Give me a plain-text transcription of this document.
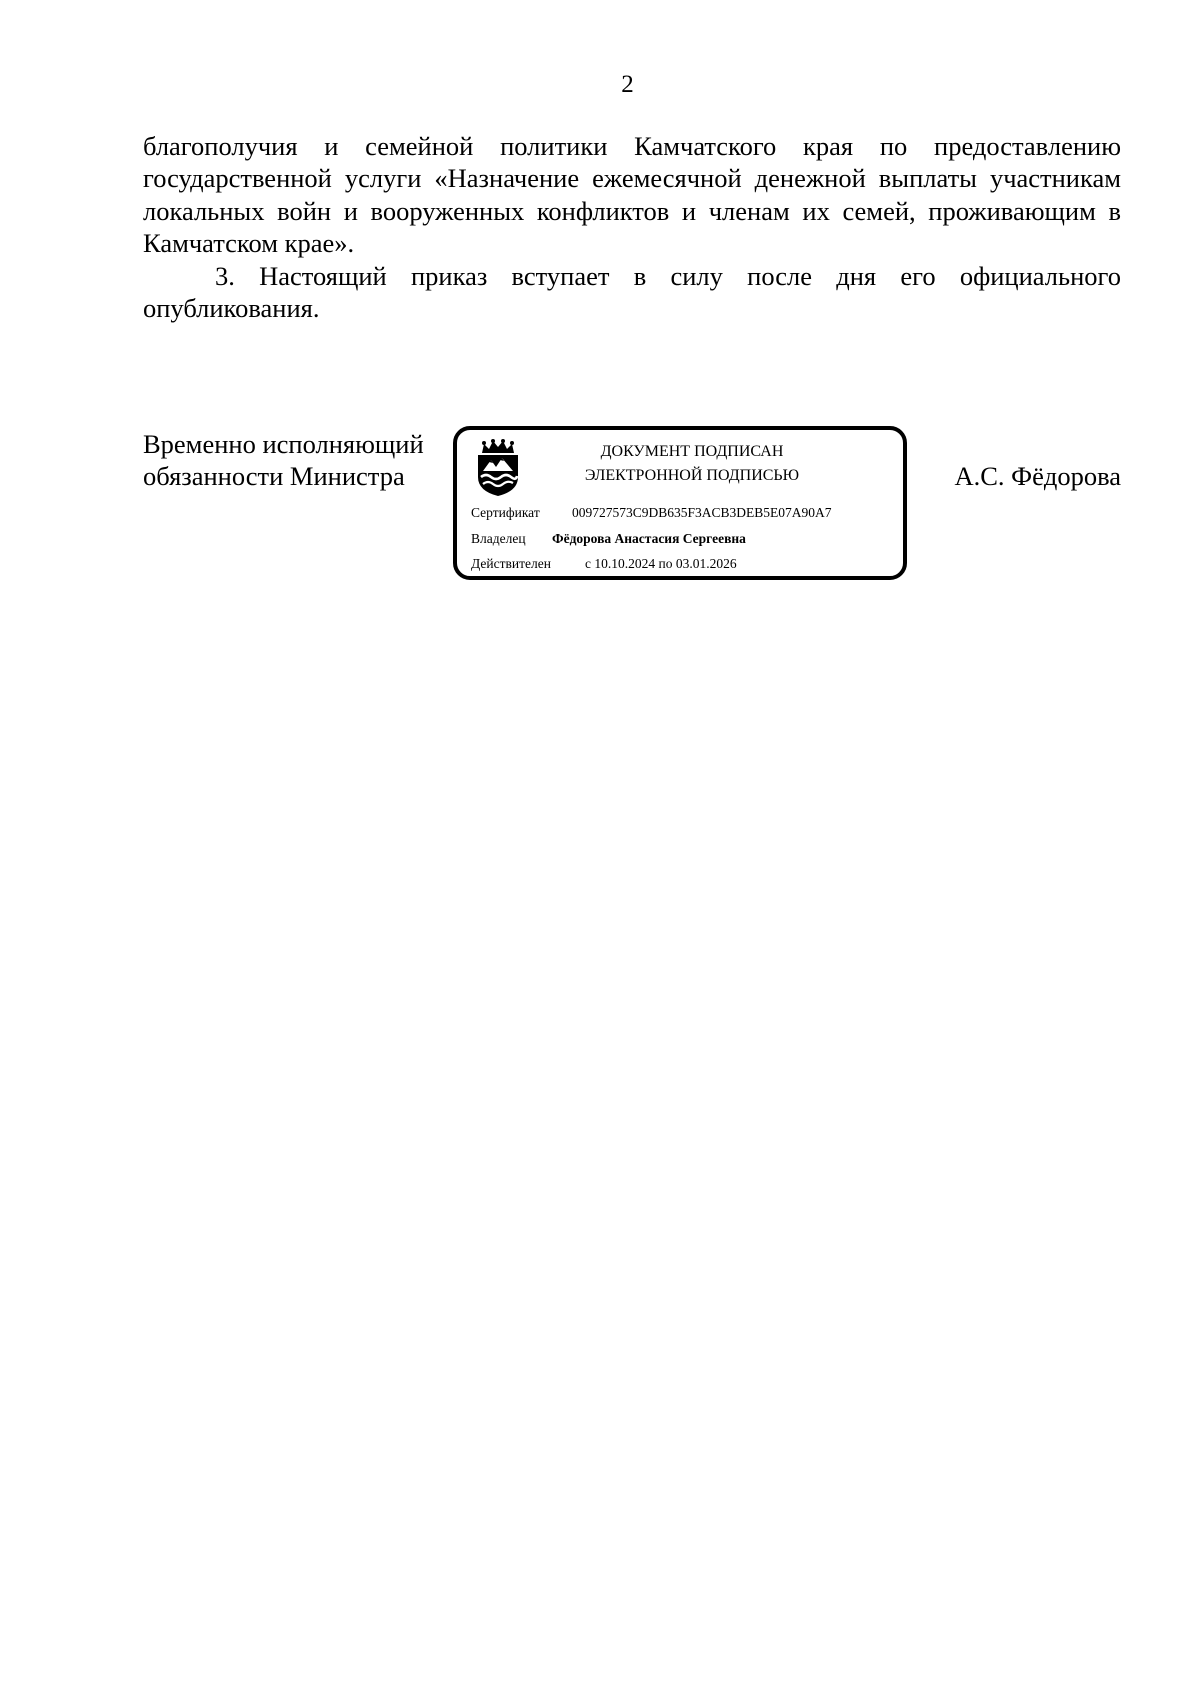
2

благополучия и семейной политики Камчатского края по предоставлению государственной услуги «Назначение ежемесячной денежной выплаты участникам локальных войн и вооруженных конфликтов и членам их семей, проживающим в Камчатском крае».

3. Настоящий приказ вступает в силу после дня его официального опубликования.

Временно исполняющий
обязанности Министра
ДОКУМЕНТ ПОДПИСАН
ЭЛЕКТРОННОЙ ПОДПИСЬЮ
Сертификат 009727573C9DB635F3ACB3DEB5E07A90A7
Владелец Фёдорова Анастасия Сергеевна
Действителен	с 10.10.2024 по 03.01.2026
А.С. Фёдорова
